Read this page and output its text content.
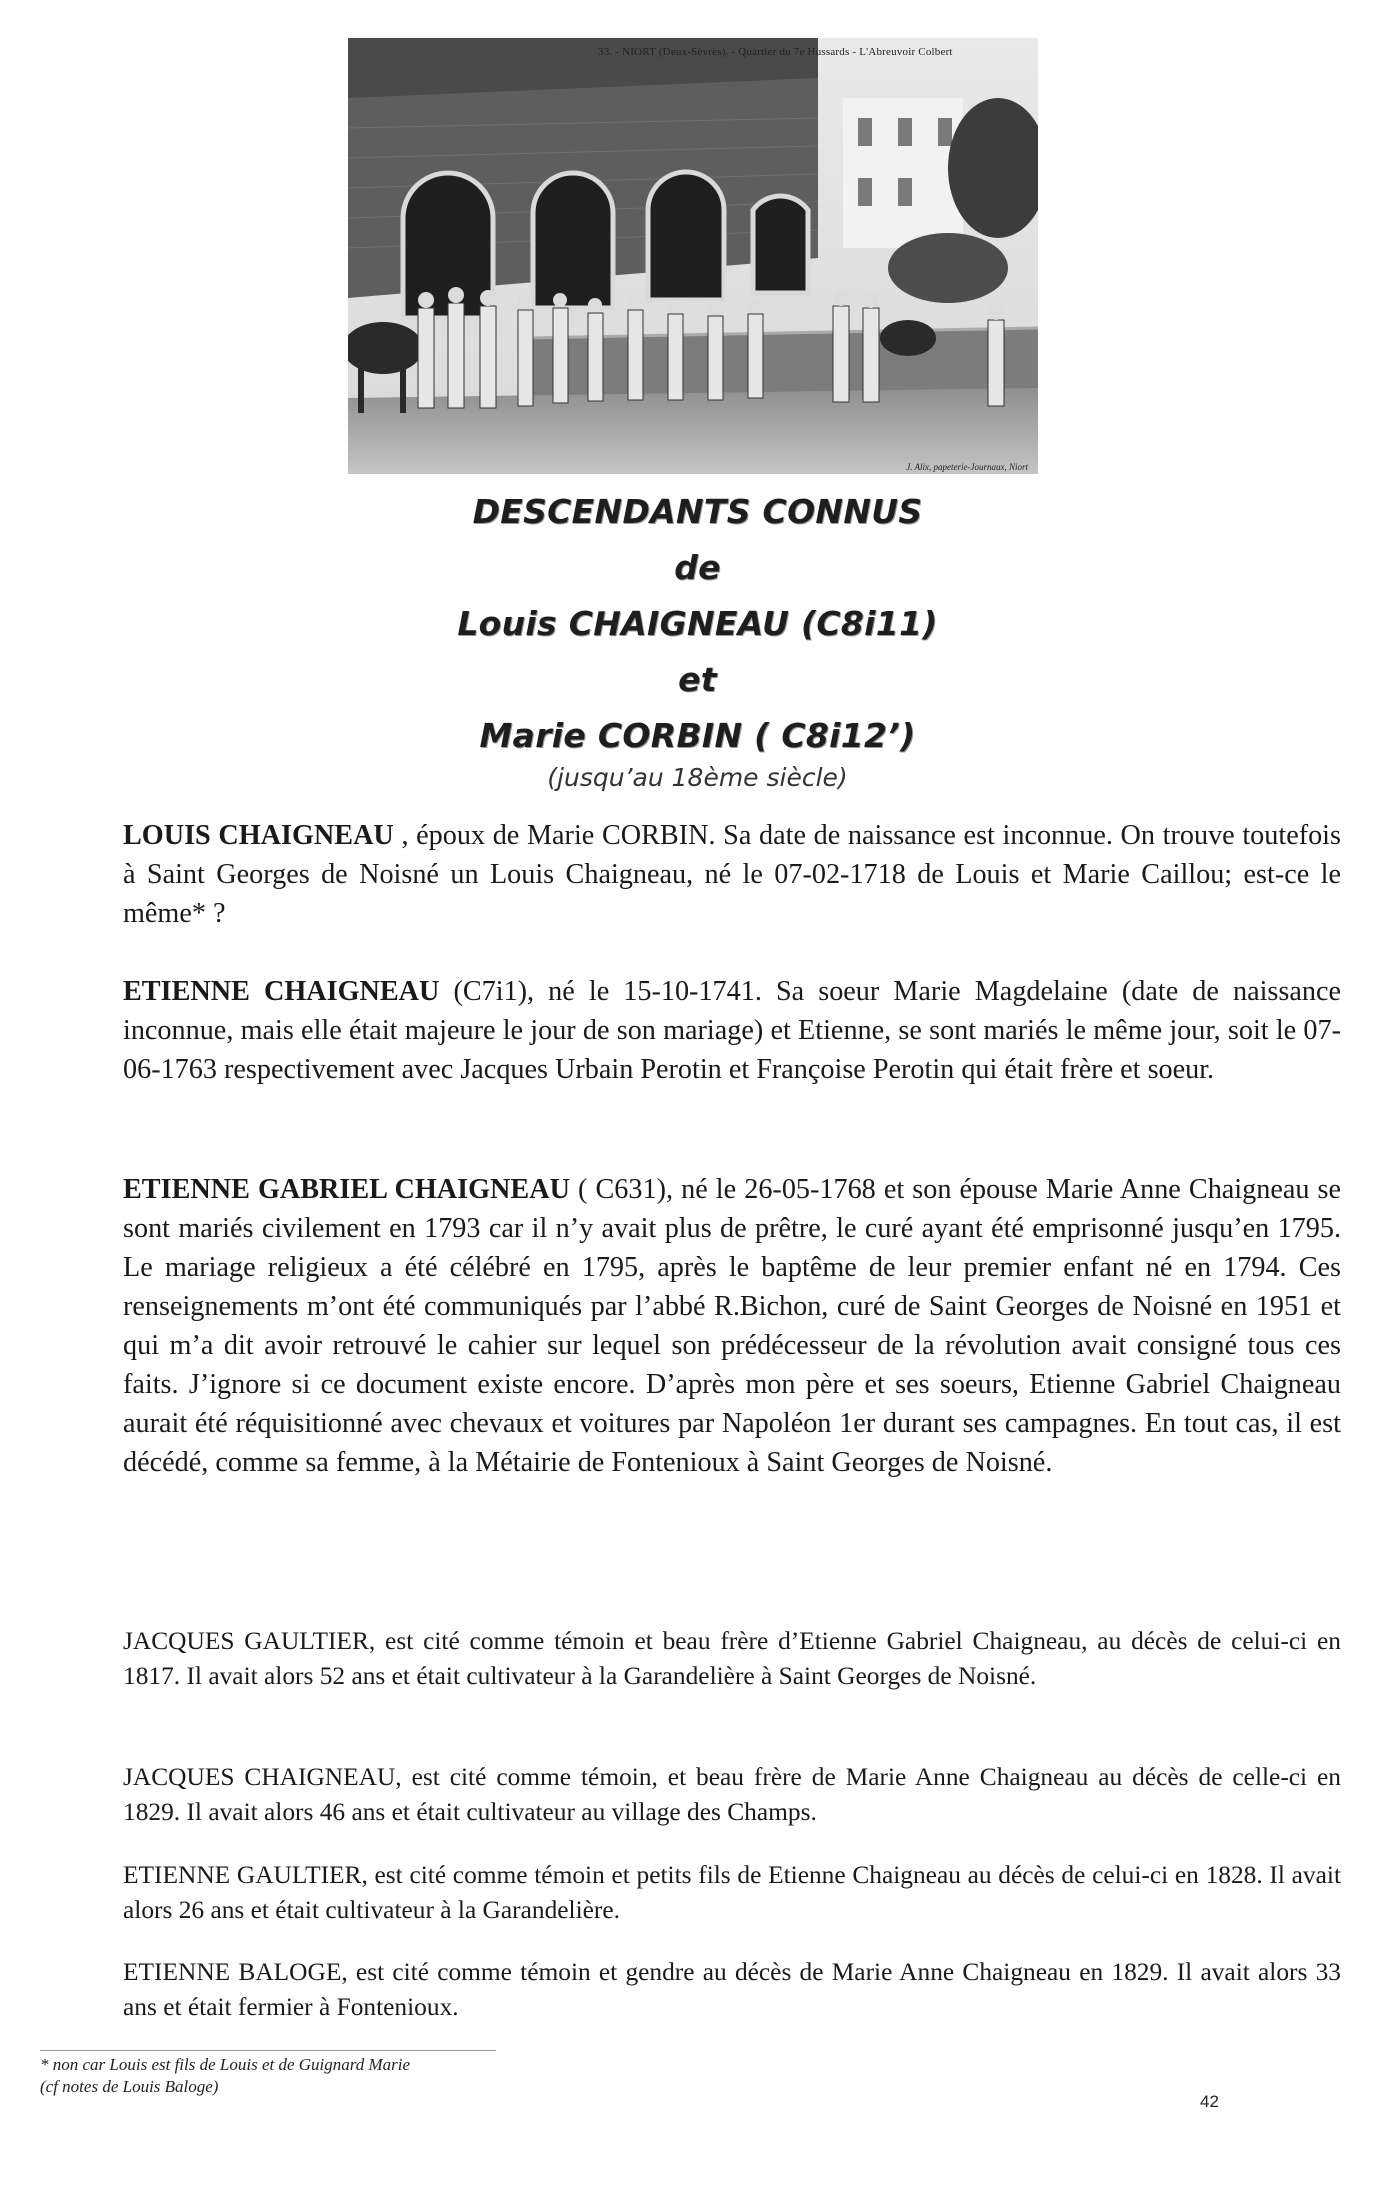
33. - NIORT (Deux-Sèvres). - Quartier du 7e Hussards - L'Abreuvoir Colbert
J. Alix, papeterie-Journaux, Niort
DESCENDANTS CONNUS
de
Louis CHAIGNEAU (C8i11)
et
Marie CORBIN ( C8i12’)
(jusqu’au 18ème siècle)

LOUIS CHAIGNEAU , époux de Marie CORBIN. Sa date de naissance est inconnue. On trouve toutefois à Saint Georges de Noisné un Louis Chaigneau, né le 07-02-1718 de Louis et Marie Caillou; est-ce le même* ?

ETIENNE CHAIGNEAU (C7i1), né le 15-10-1741. Sa soeur Marie Magdelaine (date de naissance inconnue, mais elle était majeure le jour de son mariage) et Etienne, se sont mariés le même jour, soit le 07-06-1763 respectivement avec Jacques Urbain Perotin et Françoise Perotin qui était frère et soeur.

ETIENNE GABRIEL CHAIGNEAU ( C631), né le 26-05-1768 et son épouse Marie Anne Chaigneau se sont mariés civilement en 1793 car il n’y avait plus de prêtre, le curé ayant été emprisonné jusqu’en 1795. Le mariage religieux a été célébré en 1795, après le baptême de leur premier enfant né en 1794. Ces renseignements m’ont été communiqués par l’abbé R.Bichon, curé de Saint Georges de Noisné en 1951 et qui m’a dit avoir retrouvé le cahier sur lequel son prédécesseur de la révolution avait consigné tous ces faits. J’ignore si ce document existe encore. D’après mon père et ses soeurs, Etienne Gabriel Chaigneau aurait été réquisitionné avec chevaux et voitures par Napoléon 1er durant ses campagnes. En tout cas, il est décédé, comme sa femme, à la Métairie de Fontenioux à Saint Georges de Noisné.

JACQUES GAULTIER, est cité comme témoin et beau frère d’Etienne Gabriel Chaigneau, au décès de celui-ci en 1817. Il avait alors 52 ans et était cultivateur à la Garandelière à Saint Georges de Noisné.

JACQUES CHAIGNEAU, est cité comme témoin, et beau frère de Marie Anne Chaigneau au décès de celle-ci en 1829. Il avait alors 46 ans et était cultivateur au village des Champs.

ETIENNE GAULTIER, est cité comme témoin et petits fils de Etienne Chaigneau au décès de celui-ci en 1828. Il avait alors 26 ans et était cultivateur à la Garandelière.

ETIENNE BALOGE, est cité comme témoin et gendre au décès de Marie Anne Chaigneau en 1829. Il avait alors 33 ans et était fermier à Fontenioux.

* non car Louis est fils de Louis et de Guignard Marie
(cf notes de Louis Baloge)
42
